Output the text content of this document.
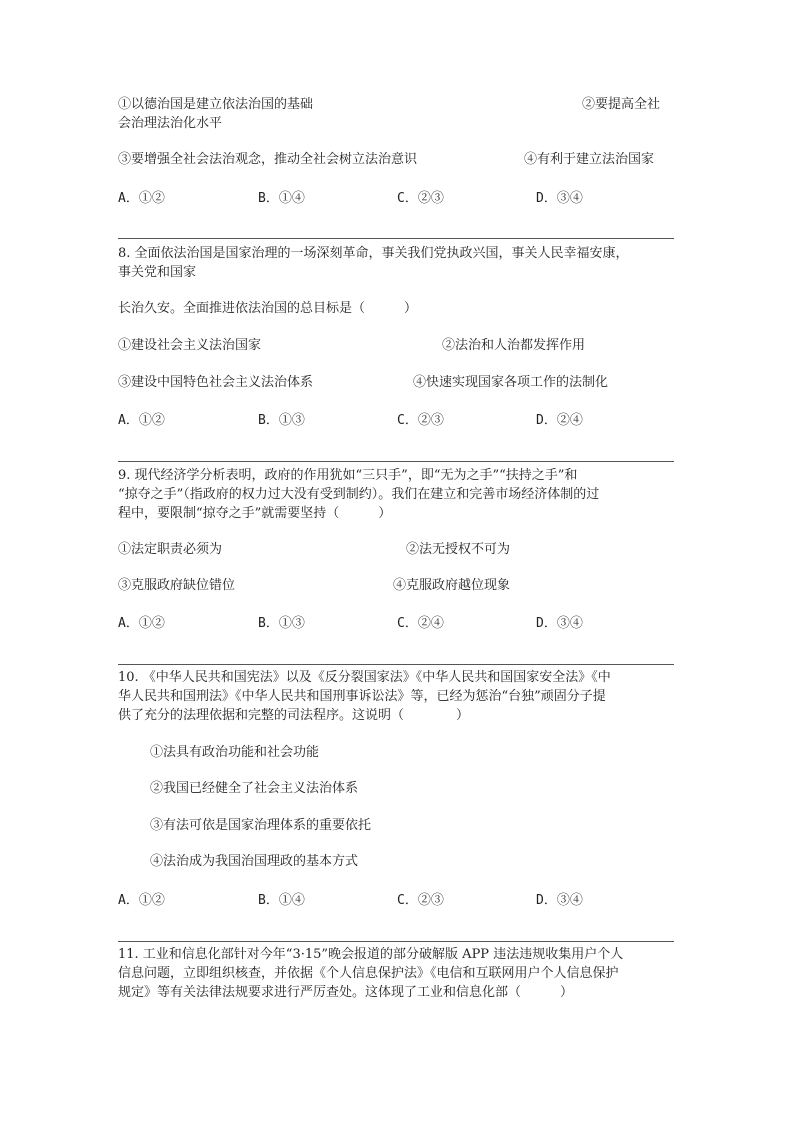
①以德治国是建立依法治国的基础	②要提高全社
会治理法治化水平
③要增强全社会法治观念，推动全社会树立法治意识	④有利于建立法治国家
A．①②	B．①④	C．②③	D．③④
8. 全面依法治国是国家治理的一场深刻革命，事关我们党执政兴国，事关人民幸福安康，
事关党和国家
长治久安。全面推进依法治国的总目标是（　　　）
①建设社会主义法治国家	②法治和人治都发挥作用
③建设中国特色社会主义法治体系	④快速实现国家各项工作的法制化
A．①②	B．①③	C．②③	D．②④
9. 现代经济学分析表明，政府的作用犹如“三只手”，即“无为之手”“扶持之手”和
“掠夺之手”（指政府的权力过大没有受到制约）。我们在建立和完善市场经济体制的过
程中，要限制“掠夺之手”就需要坚持（　　　）
①法定职责必须为	②法无授权不可为
③克服政府缺位错位	④克服政府越位现象
A．①②	B．①③	C．②④	D．③④
10. 《中华人民共和国宪法》以及《反分裂国家法》《中华人民共和国国家安全法》《中
华人民共和国刑法》《中华人民共和国刑事诉讼法》等，已经为惩治“台独”顽固分子提
供了充分的法理依据和完整的司法程序。这说明（　　　　）
①法具有政治功能和社会功能
②我国已经健全了社会主义法治体系
③有法可依是国家治理体系的重要依托
④法治成为我国治国理政的基本方式
A．①②	B．①④	C．②③	D．③④
11. 工业和信息化部针对今年“3·15”晚会报道的部分破解版 APP 违法违规收集用户个人
信息问题，立即组织核查，并依据《个人信息保护法》《电信和互联网用户个人信息保护
规定》等有关法律法规要求进行严厉查处。这体现了工业和信息化部（　　　）
